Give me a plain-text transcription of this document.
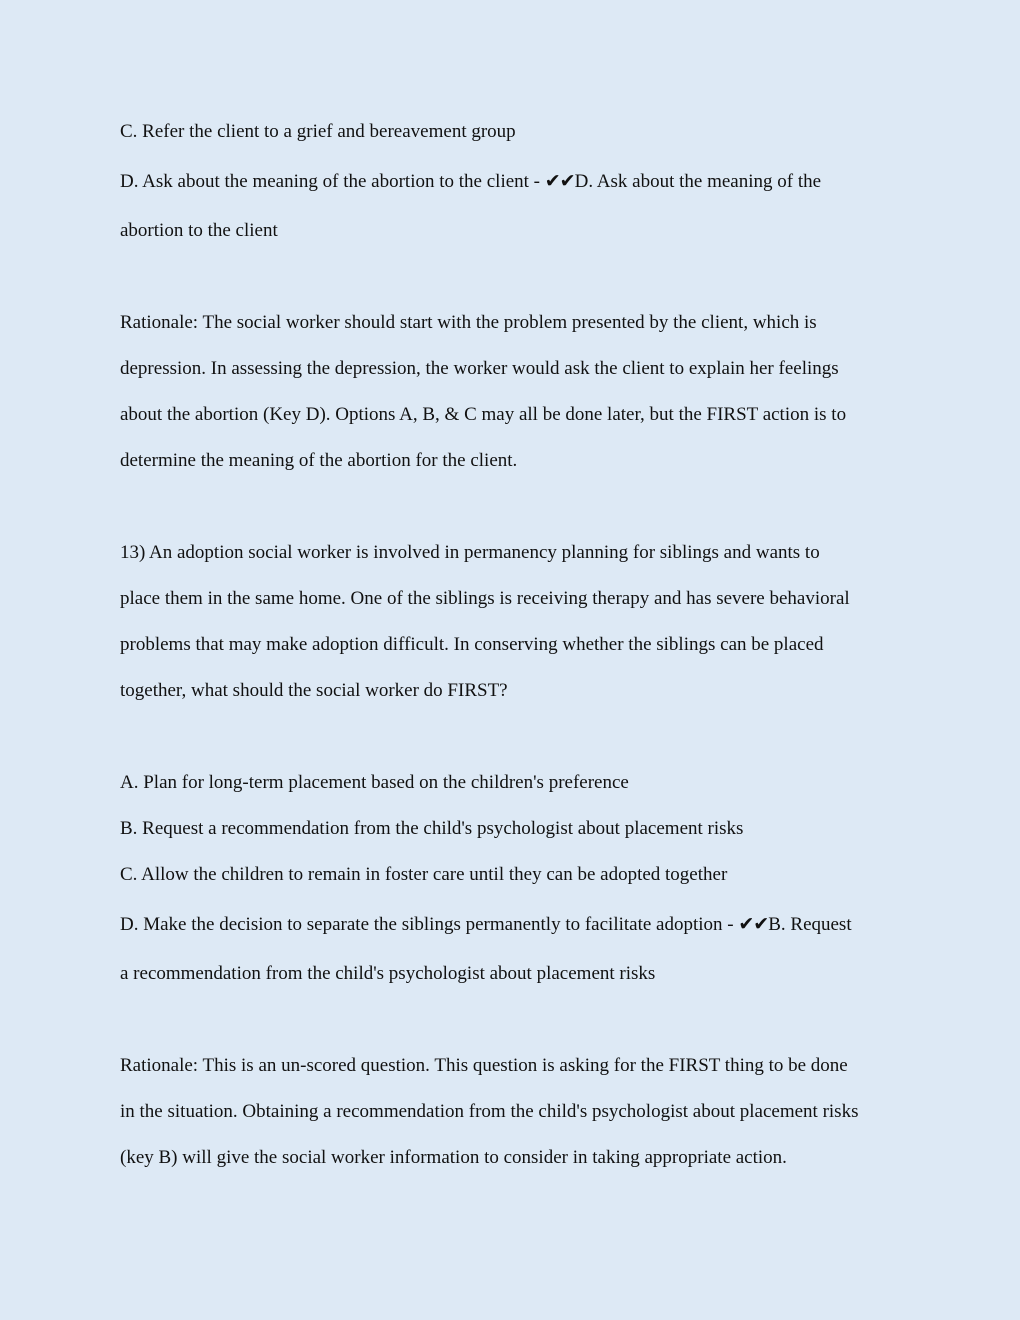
C. Refer the client to a grief and bereavement group
D. Ask about the meaning of the abortion to the client - ✔✔D. Ask about the meaning of the
abortion to the client
Rationale: The social worker should start with the problem presented by the client, which is
depression. In assessing the depression, the worker would ask the client to explain her feelings
about the abortion (Key D). Options A, B, & C may all be done later, but the FIRST action is to
determine the meaning of the abortion for the client.
13) An adoption social worker is involved in permanency planning for siblings and wants to
place them in the same home. One of the siblings is receiving therapy and has severe behavioral
problems that may make adoption difficult. In conserving whether the siblings can be placed
together, what should the social worker do FIRST?
A. Plan for long-term placement based on the children's preference
B. Request a recommendation from the child's psychologist about placement risks
C. Allow the children to remain in foster care until they can be adopted together
D. Make the decision to separate the siblings permanently to facilitate adoption - ✔✔B. Request
a recommendation from the child's psychologist about placement risks
Rationale: This is an un-scored question. This question is asking for the FIRST thing to be done
in the situation. Obtaining a recommendation from the child's psychologist about placement risks
(key B) will give the social worker information to consider in taking appropriate action.
